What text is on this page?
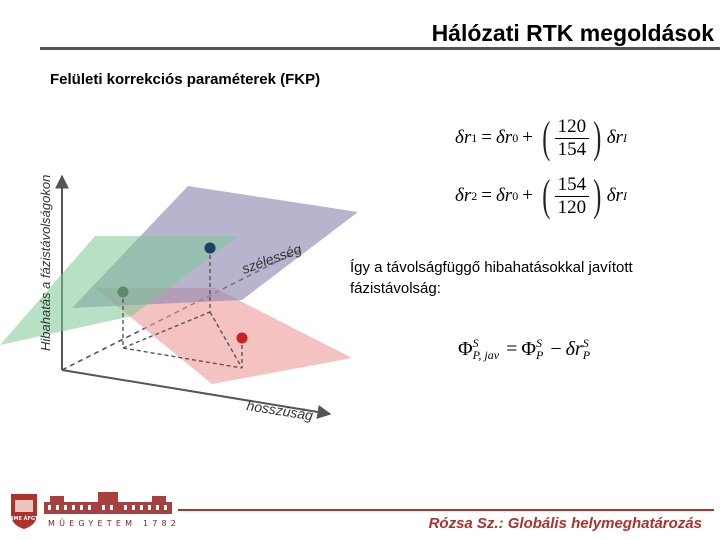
Hálózati RTK megoldások
Felületi korrekciós paraméterek (FKP)
δr 1 = δr 0 + ( $\frac{120}{154}$ ) δr I
δr 2 = δr 0 + ( $\frac{154}{120}$ ) δr I
Így a távolságfüggő hibahatásokkal javított fázistávolság:
Φ S
P, jav = Φ S
P − δr S
P
Hibahatás a fázistávolságokon	szélesség
hosszúság
BME ÁFGT MŰEGYETEM 1782	Rózsa Sz.: Globális helymeghatározás
